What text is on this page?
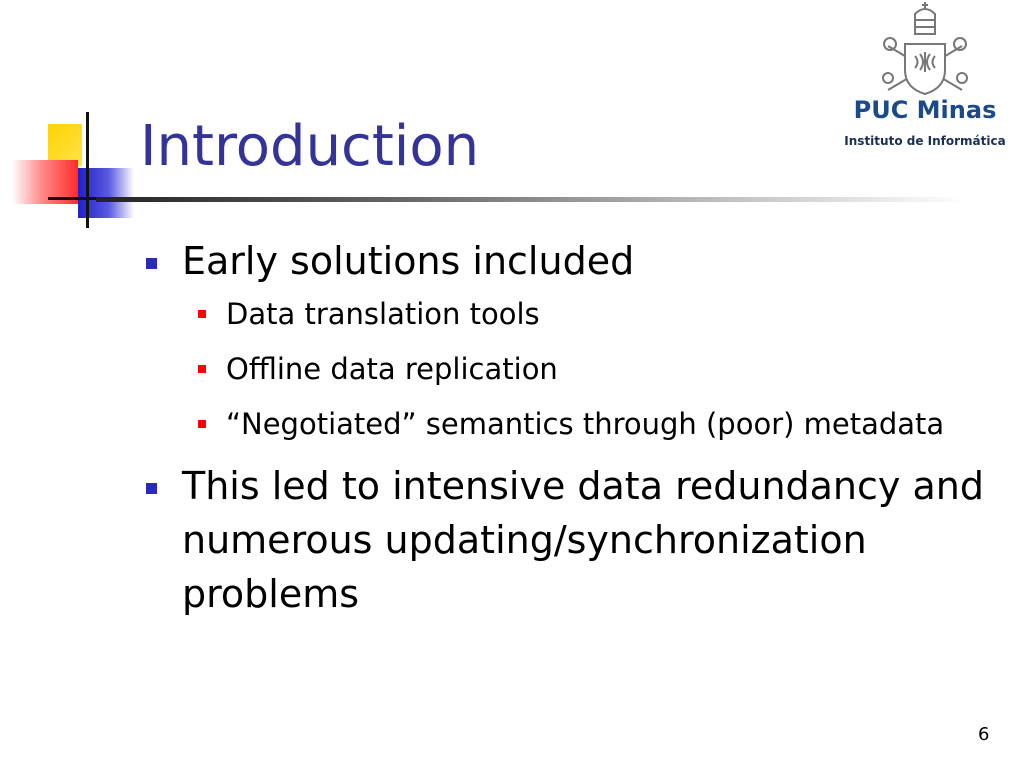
Introduction
PUC Minas
Instituto de Informática
Early solutions included
Data translation tools
Offline data replication
“Negotiated” semantics through (poor) metadata
This led to intensive data redundancy and numerous updating/synchronization problems
6
